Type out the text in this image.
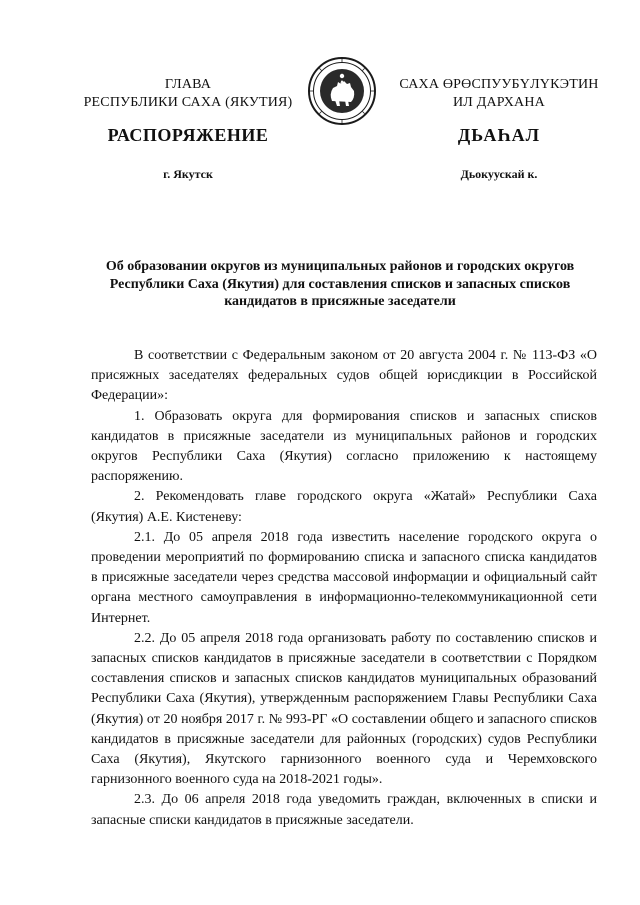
ГЛАВА
РЕСПУБЛИКИ САХА (ЯКУТИЯ)
САХА ӨРӨСПУУБҮЛҮКЭТИН
ИЛ ДАРХАНА
РАСПОРЯЖЕНИЕ	ДЬАҺАЛ
г. Якутск	Дьокуускай к.
Об образовании округов из муниципальных районов и городских округов Республики Саха (Якутия) для составления списков и запасных списков кандидатов в присяжные заседатели

В соответствии с Федеральным законом от 20 августа 2004 г. № 113-ФЗ «О присяжных заседателях федеральных судов общей юрисдикции в Российской Федерации»:

1. Образовать округа для формирования списков и запасных списков кандидатов в присяжные заседатели из муниципальных районов и городских округов Республики Саха (Якутия) согласно приложению к настоящему распоряжению.

2. Рекомендовать главе городского округа «Жатай» Республики Саха (Якутия) А.Е. Кистеневу:

2.1. До 05 апреля 2018 года известить население городского округа о проведении мероприятий по формированию списка и запасного списка кандидатов в присяжные заседатели через средства массовой информации и официальный сайт органа местного самоуправления в информационно-телекоммуникационной сети Интернет.

2.2. До 05 апреля 2018 года организовать работу по составлению списков и запасных списков кандидатов в присяжные заседатели в соответствии с Порядком составления списков и запасных списков кандидатов муниципальных образований Республики Саха (Якутия), утвержденным распоряжением Главы Республики Саха (Якутия) от 20 ноября 2017 г. № 993-РГ «О составлении общего и запасного списков кандидатов в присяжные заседатели для районных (городских) судов Республики Саха (Якутия), Якутского гарнизонного военного суда и Черемховского гарнизонного военного суда на 2018-2021 годы».

2.3. До 06 апреля 2018 года уведомить граждан, включенных в списки и запасные списки кандидатов в присяжные заседатели.
